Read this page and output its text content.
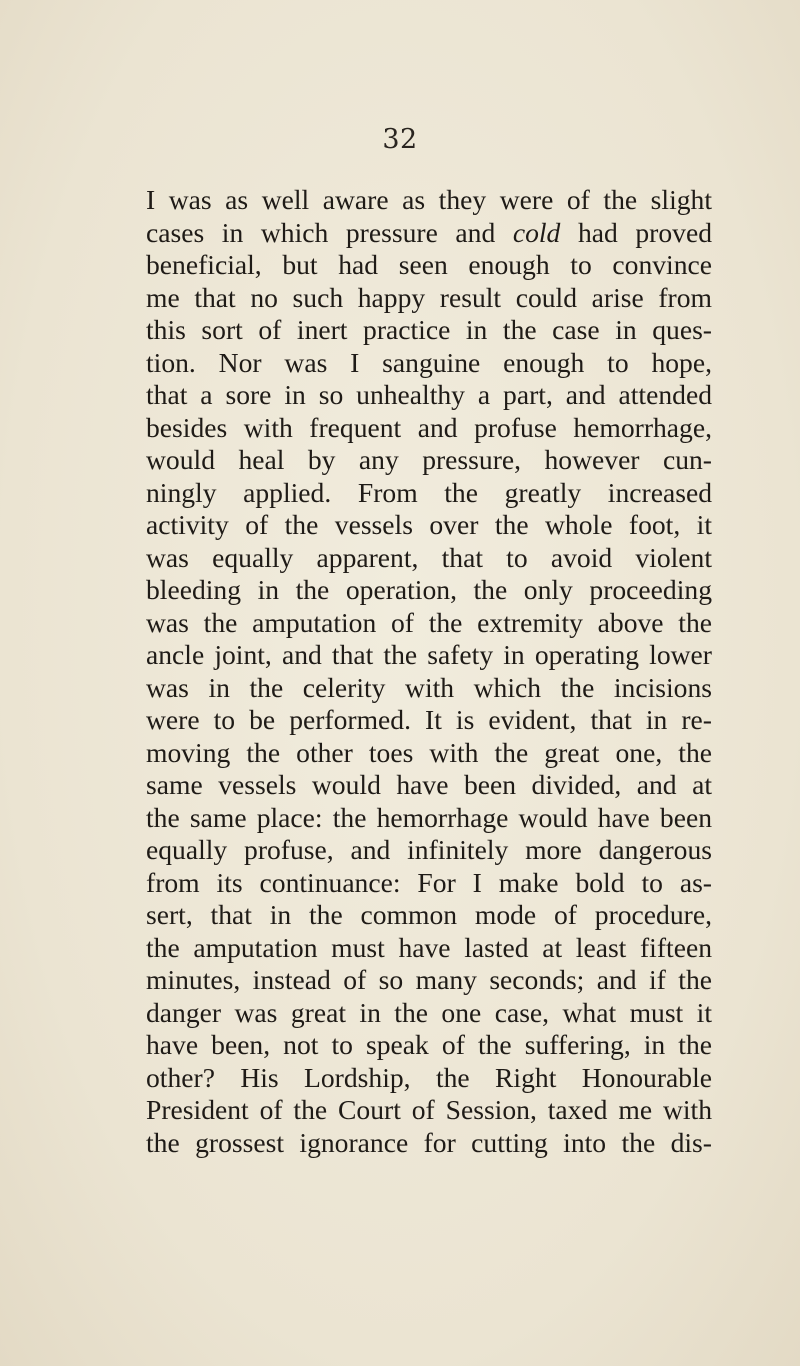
32
I was as well aware as they were of the slight
cases in which pressure and cold had proved
beneficial, but had seen enough to convince
me that no such happy result could arise from
this sort of inert practice in the case in ques-
tion. Nor was I sanguine enough to hope,
that a sore in so unhealthy a part, and attended
besides with frequent and profuse hemorrhage,
would heal by any pressure, however cun-
ningly applied. From the greatly increased
activity of the vessels over the whole foot, it
was equally apparent, that to avoid violent
bleeding in the operation, the only proceeding
was the amputation of the extremity above the
ancle joint, and that the safety in operating lower
was in the celerity with which the incisions
were to be performed. It is evident, that in re-
moving the other toes with the great one, the
same vessels would have been divided, and at
the same place: the hemorrhage would have been
equally profuse, and infinitely more dangerous
from its continuance: For I make bold to as-
sert, that in the common mode of procedure,
the amputation must have lasted at least fifteen
minutes, instead of so many seconds; and if the
danger was great in the one case, what must it
have been, not to speak of the suffering, in the
other? His Lordship, the Right Honourable
President of the Court of Session, taxed me with
the grossest ignorance for cutting into the dis-
